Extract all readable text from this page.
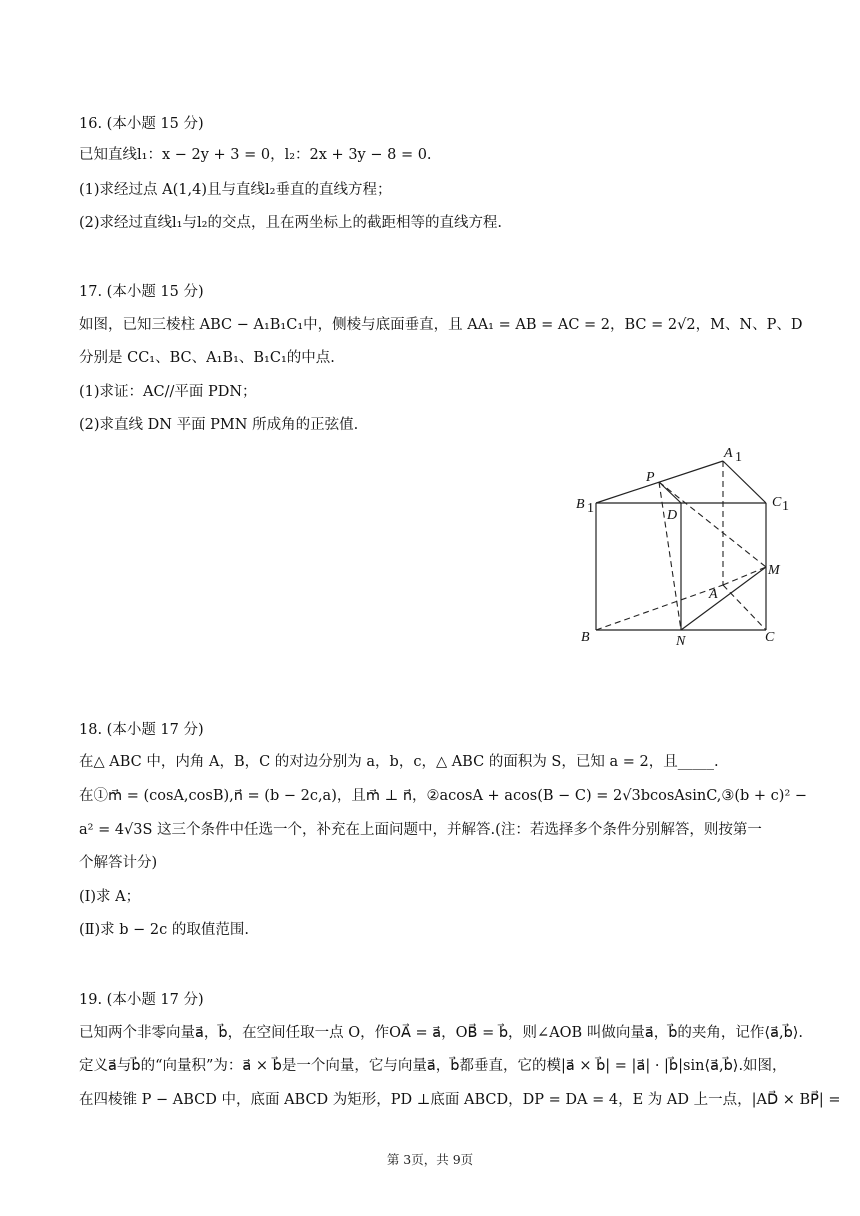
16. (本小题 15 分)
已知直线l₁：x − 2y + 3 = 0，l₂：2x + 3y − 8 = 0.
(1)求经过点 A(1,4)且与直线l₂垂直的直线方程；
(2)求经过直线l₁与l₂的交点，且在两坐标上的截距相等的直线方程.
17. (本小题 15 分)
如图，已知三棱柱 ABC − A₁B₁C₁中，侧棱与底面垂直，且 AA₁ = AB = AC = 2，BC = 2√2，M、N、P、D
分别是 CC₁、BC、A₁B₁、B₁C₁的中点.
(1)求证：AC//平面 PDN；
(2)求直线 DN 平面 PMN 所成角的正弦值.
A 1
P
B 1	D
C 1
M
A
B	N	C
18. (本小题 17 分)
在△ ABC 中，内角 A，B，C 的对边分别为 a，b，c，△ ABC 的面积为 S，已知 a = 2，且_____.
在①m⃗ = (cosA,cosB),n⃗ = (b − 2c,a)，且m⃗ ⊥ n⃗，②acosA + acos(B − C) = 2√3bcosAsinC,③(b + c)² −
a² = 4√3S 这三个条件中任选一个，补充在上面问题中，并解答.(注：若选择多个条件分别解答，则按第一
个解答计分)
(Ⅰ)求 A；
(Ⅱ)求 b − 2c 的取值范围.
19. (本小题 17 分)
已知两个非零向量a⃗，b⃗，在空间任取一点 O，作OA⃗ = a⃗，OB⃗ = b⃗，则∠AOB 叫做向量a⃗，b⃗的夹角，记作⟨a⃗,b⃗⟩.
定义a⃗与b⃗的“向量积”为：a⃗ × b⃗是一个向量，它与向量a⃗，b⃗都垂直，它的模|a⃗ × b⃗| = |a⃗| · |b⃗|sin⟨a⃗,b⃗⟩.如图，
在四棱锥 P − ABCD 中，底面 ABCD 为矩形，PD ⊥底面 ABCD，DP = DA = 4，E 为 AD 上一点，|AD⃗ × BP⃗| =
第 3页，共 9页
